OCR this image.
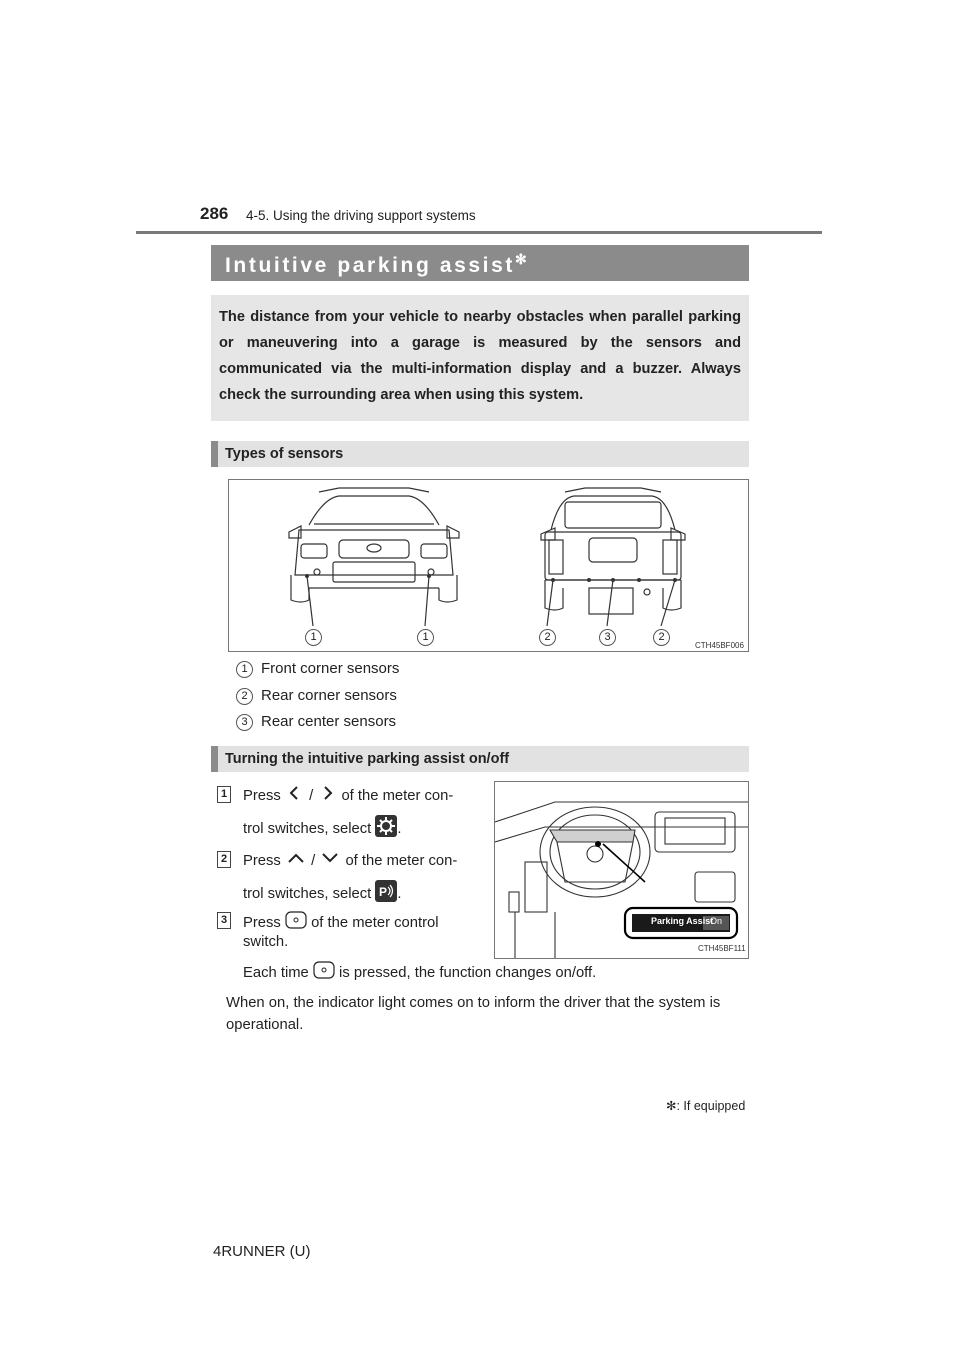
286 4-5. Using the driving support systems
Intuitive parking assist✻
The distance from your vehicle to nearby obstacles when parallel parking or maneuvering into a garage is measured by the sensors and communicated via the multi-information display and a buzzer. Always check the surrounding area when using this system.
Types of sensors
1	1	2	3	2
CTH45BF006
1 Front corner sensors
2 Rear corner sensors
3 Rear center sensors
Turning the intuitive parking assist on/off
1 Press / of the meter con-
trol switches, select .
2 Press / of the meter con-
trol switches, select P .
3 Press of the meter control
switch.
Parking Assist
On
CTH45BF111
Each time is pressed, the function changes on/off.
When on, the indicator light comes on to inform the driver that the system is operational.
✻: If equipped
4RUNNER (U)
